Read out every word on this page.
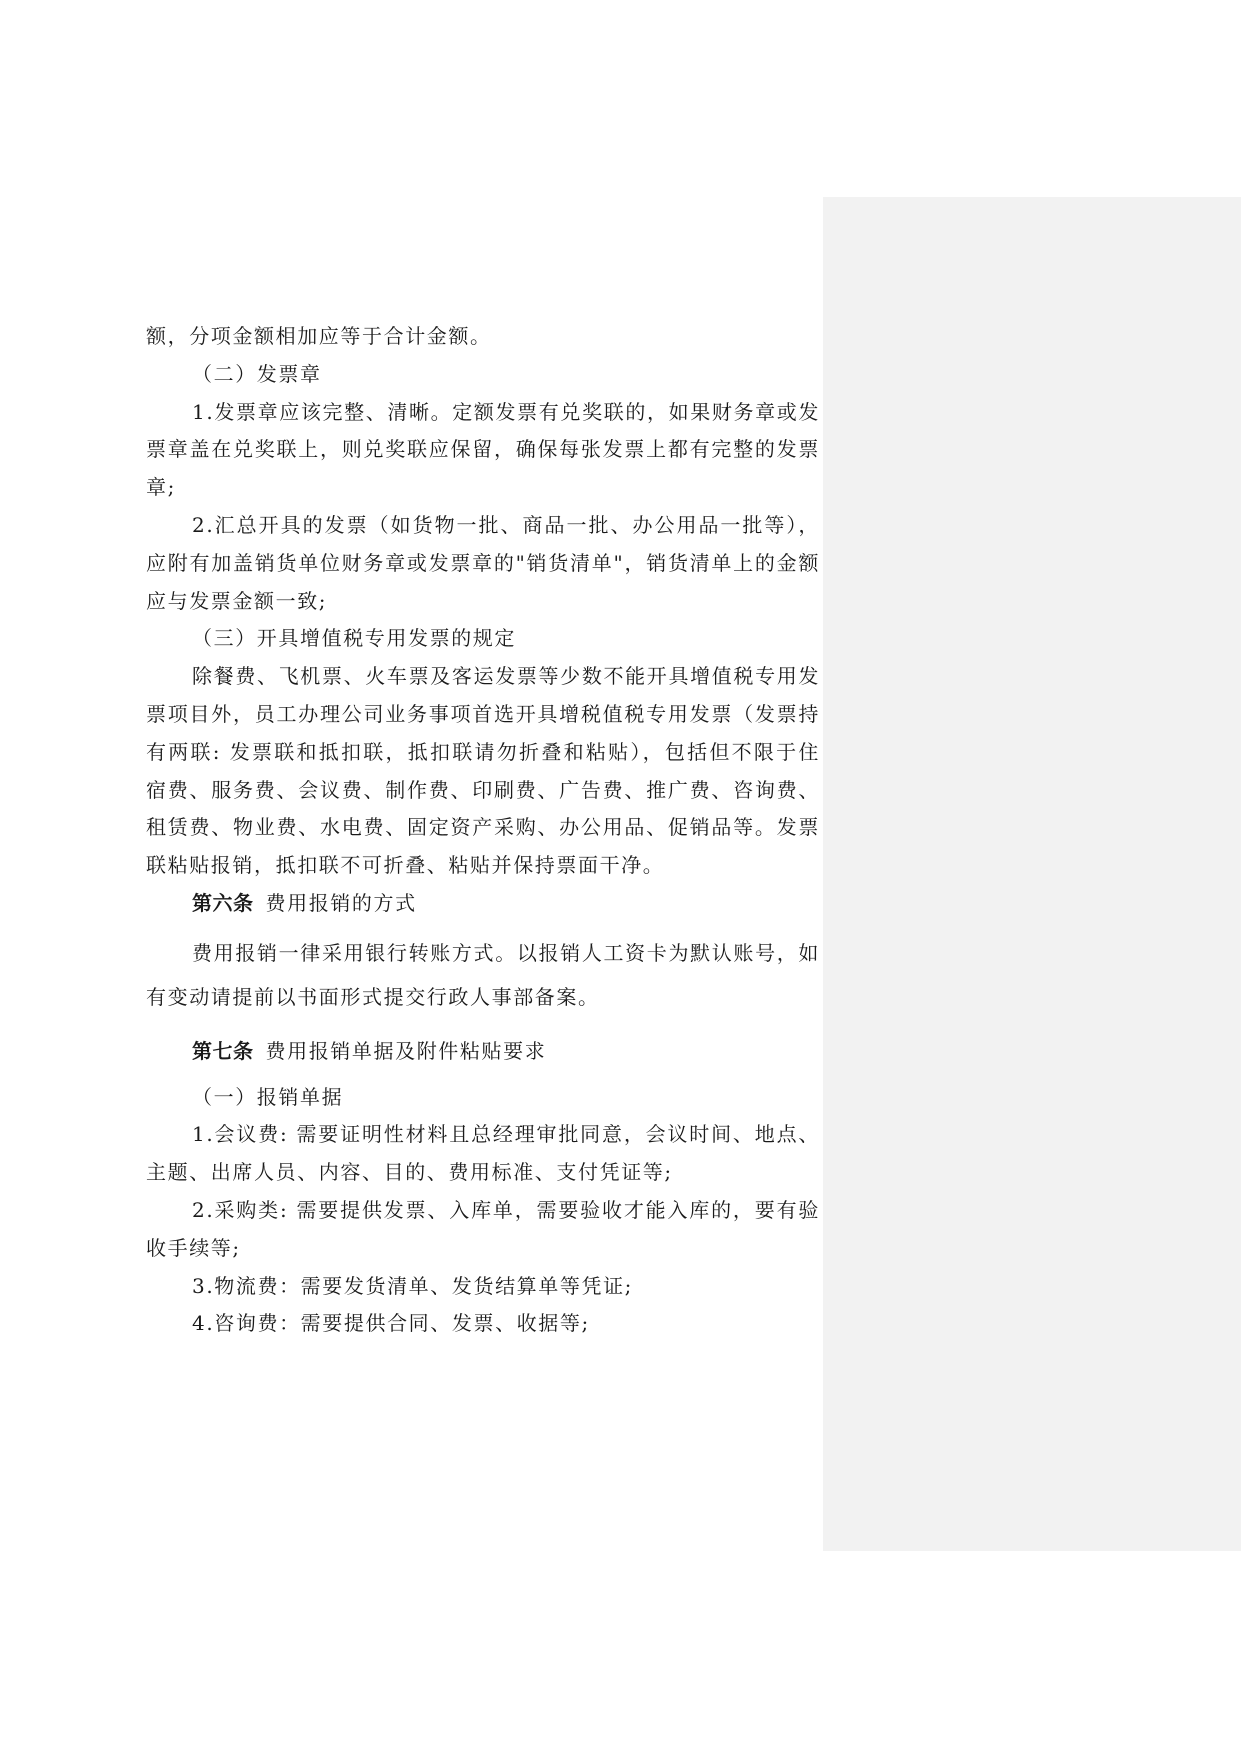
额，分项金额相加应等于合计金额。

（二）发票章

1.发票章应该完整、清晰。定额发票有兑奖联的，如果财务章或发票章盖在兑奖联上，则兑奖联应保留，确保每张发票上都有完整的发票章;

2.汇总开具的发票（如货物一批、商品一批、办公用品一批等），应附有加盖销货单位财务章或发票章的"销货清单"，销货清单上的金额应与发票金额一致;

（三）开具增值税专用发票的规定

除餐费、飞机票、火车票及客运发票等少数不能开具增值税专用发票项目外，员工办理公司业务事项首选开具增税值税专用发票（发票持有两联: 发票联和抵扣联，抵扣联请勿折叠和粘贴），包括但不限于住宿费、服务费、会议费、制作费、印刷费、广告费、推广费、咨询费、租赁费、物业费、水电费、固定资产采购、办公用品、促销品等。发票联粘贴报销，抵扣联不可折叠、粘贴并保持票面干净。

第六条 费用报销的方式

费用报销一律采用银行转账方式。以报销人工资卡为默认账号，如有变动请提前以书面形式提交行政人事部备案。

第七条 费用报销单据及附件粘贴要求

（一）报销单据

1.会议费: 需要证明性材料且总经理审批同意，会议时间、地点、主题、出席人员、内容、目的、费用标准、支付凭证等;

2.采购类: 需要提供发票、入库单，需要验收才能入库的，要有验收手续等;

3.物流费：需要发货清单、发货结算单等凭证;

4.咨询费：需要提供合同、发票、收据等;
